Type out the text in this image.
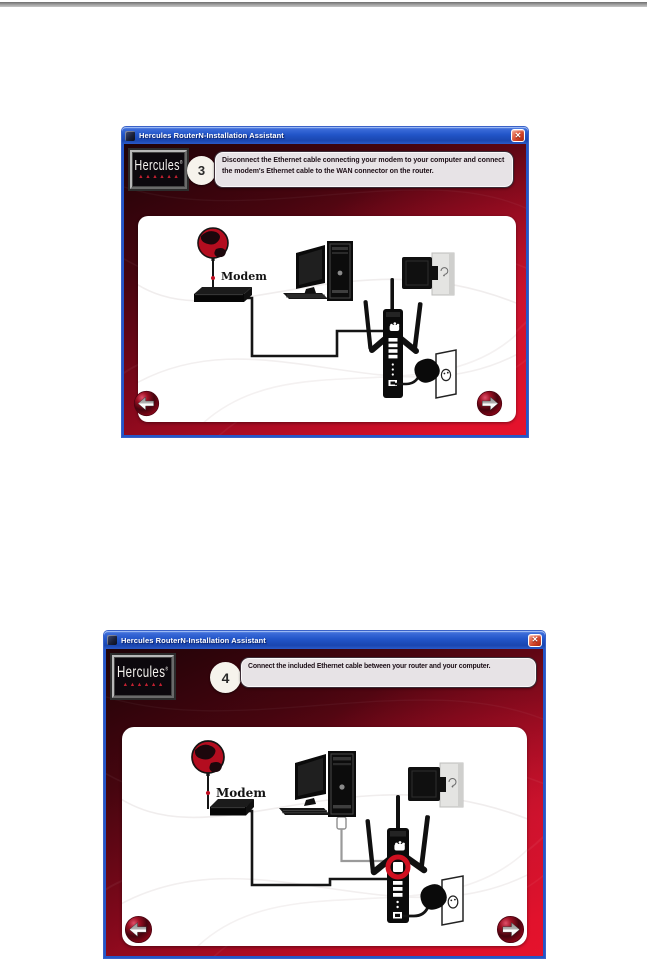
Hercules RouterN-Installation Assistant	✕
Hercules®
▲▲▲▲▲▲ 3
Disconnect the Ethernet cable connecting your modem to your computer and connect the modem's Ethernet cable to the WAN connector on the router.
Modem
Hercules RouterN-Installation Assistant	✕
Hercules®
▲▲▲▲▲▲	4
Connect the included Ethernet cable between your router and your computer.
Modem
